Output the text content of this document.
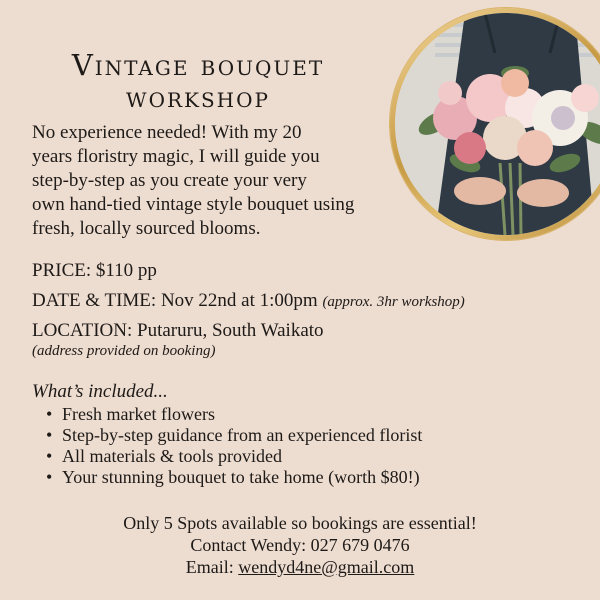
Vintage bouquet
workshop
No experience needed! With my 20
years floristry magic, I will guide you
step-by-step as you create your very
own hand-tied vintage style bouquet using
fresh, locally sourced blooms.
PRICE: $110 pp
DATE & TIME: Nov 22nd at 1:00pm (approx. 3hr workshop)
LOCATION: Putaruru, South Waikato
(address provided on booking)
What’s included...
• Fresh market flowers
• Step-by-step guidance from an experienced florist
• All materials & tools provided
• Your stunning bouquet to take home (worth $80!)
Only 5 Spots available so bookings are essential!
Contact Wendy: 027 679 0476
Email: wendyd4ne@gmail.com
